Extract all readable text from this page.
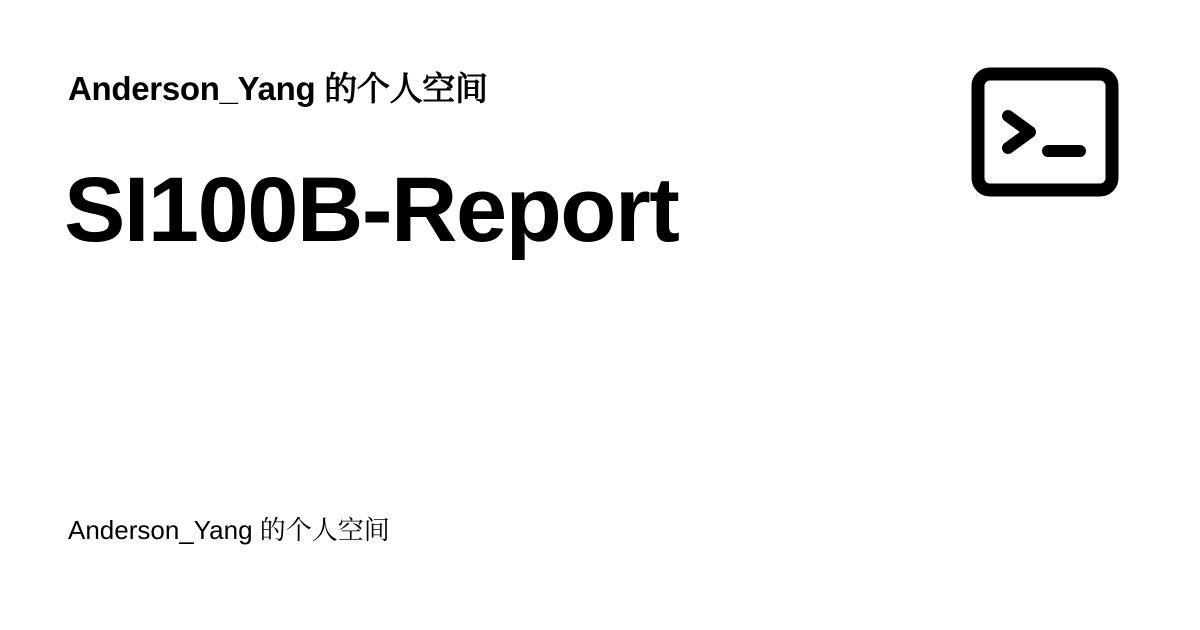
Anderson_Yang 的个人空间
SI100B-Report
Anderson_Yang 的个人空间
